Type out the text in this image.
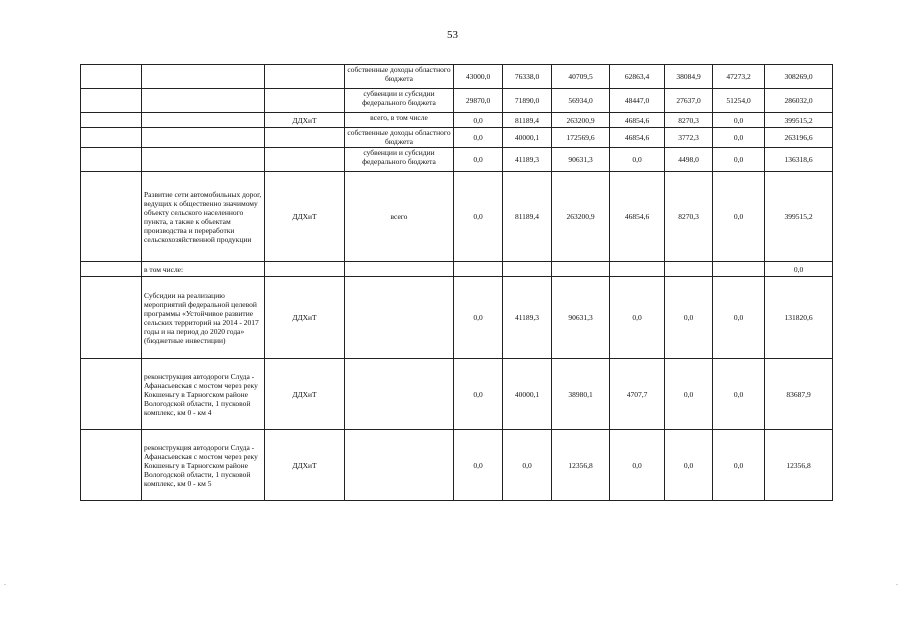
53
			собственные доходы областного бюджета	43000,0	76338,0	40709,5	62863,4	38084,9	47273,2	308269,0
			субвенции и субсидии федерального бюджета	29870,0	71890,0	56934,0	48447,0	27637,0	51254,0	286032,0
		ДДХиТ	всего, в том числе	0,0	81189,4	263200,9	46854,6	8270,3	0,0	399515,2
			собственные доходы областного бюджета	0,0	40000,1	172569,6	46854,6	3772,3	0,0	263196,6
			субвенции и субсидии федерального бюджета	0,0	41189,3	90631,3	0,0	4498,0	0,0	136318,6
	Развитие сети автомобильных дорог, ведущих к общественно значимому объекту сельского населенного пункта, а также к объектам производства и переработки сельскохозяйственной продукции	ДДХиТ	всего	0,0	81189,4	263200,9	46854,6	8270,3	0,0	399515,2
	в том числе:									0,0
	Субсидии на реализацию мероприятий федеральной целевой программы «Устойчивое развитие сельских территорий на 2014 - 2017 годы и на период до 2020 года» (бюджетные инвестиции)	ДДХиТ		0,0	41189,3	90631,3	0,0	0,0	0,0	131820,6
	реконструкция автодороги Слуда - Афанасьевская с мостом через реку Кокшеньгу в Тарногском районе Вологодской области, 1 пусковой комплекс, км 0 - км 4	ДДХиТ		0,0	40000,1	38980,1	4707,7	0,0	0,0	83687,9
	реконструкция автодороги Слуда - Афанасьевская с мостом через реку Кокшеньгу в Тарногском районе Вологодской области, 1 пусковой комплекс, км 0 - км 5	ДДХиТ		0,0	0,0	12356,8	0,0	0,0	0,0	12356,8
-	-
